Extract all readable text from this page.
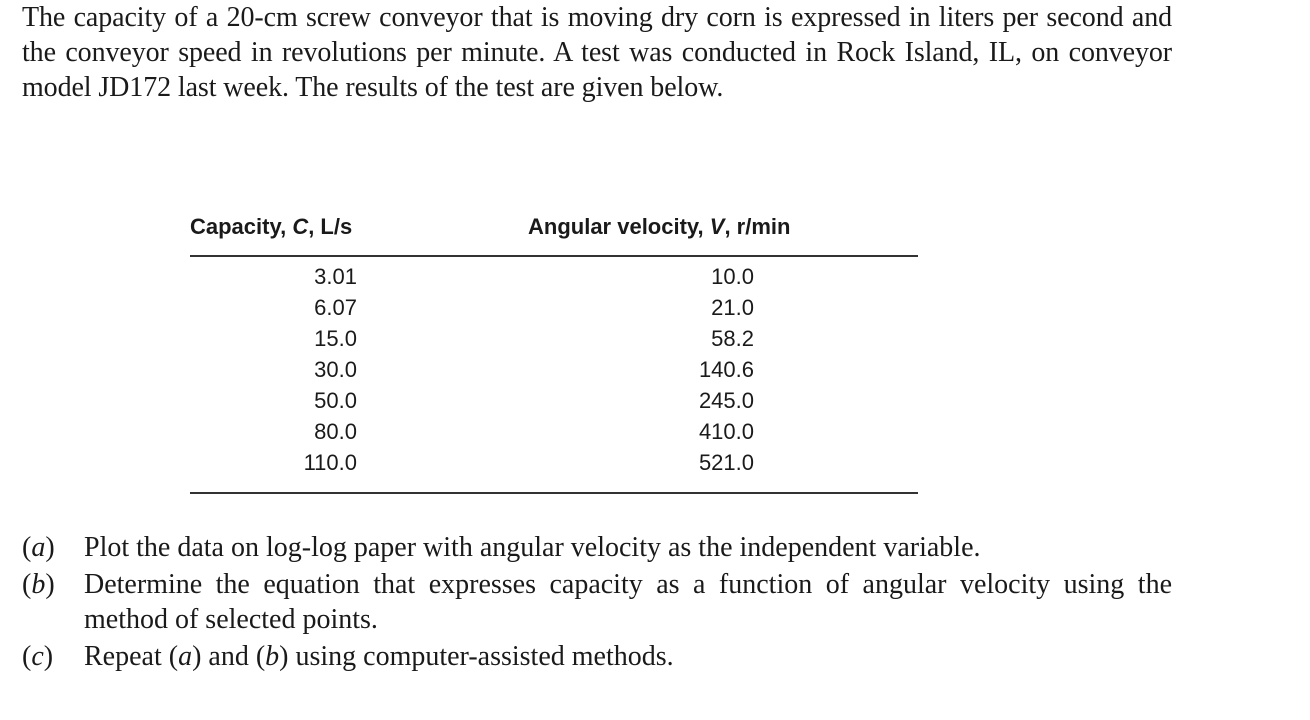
The capacity of a 20-cm screw conveyor that is moving dry corn is expressed in liters per second and the conveyor speed in revolutions per minute. A test was conducted in Rock Island, IL, on conveyor model JD172 last week. The results of the test are given below.

Capacity, C, L/s	Angular velocity, V, r/min
3.01	10.0
6.07	21.0
15.0	58.2
30.0	140.6
50.0	245.0
80.0	410.0
110.0	521.0

(a) Plot the data on log-log paper with angular velocity as the independent variable.

(b) Determine the equation that expresses capacity as a function of angular velocity using the method of selected points.

(c) Repeat (a) and (b) using computer-assisted methods.
